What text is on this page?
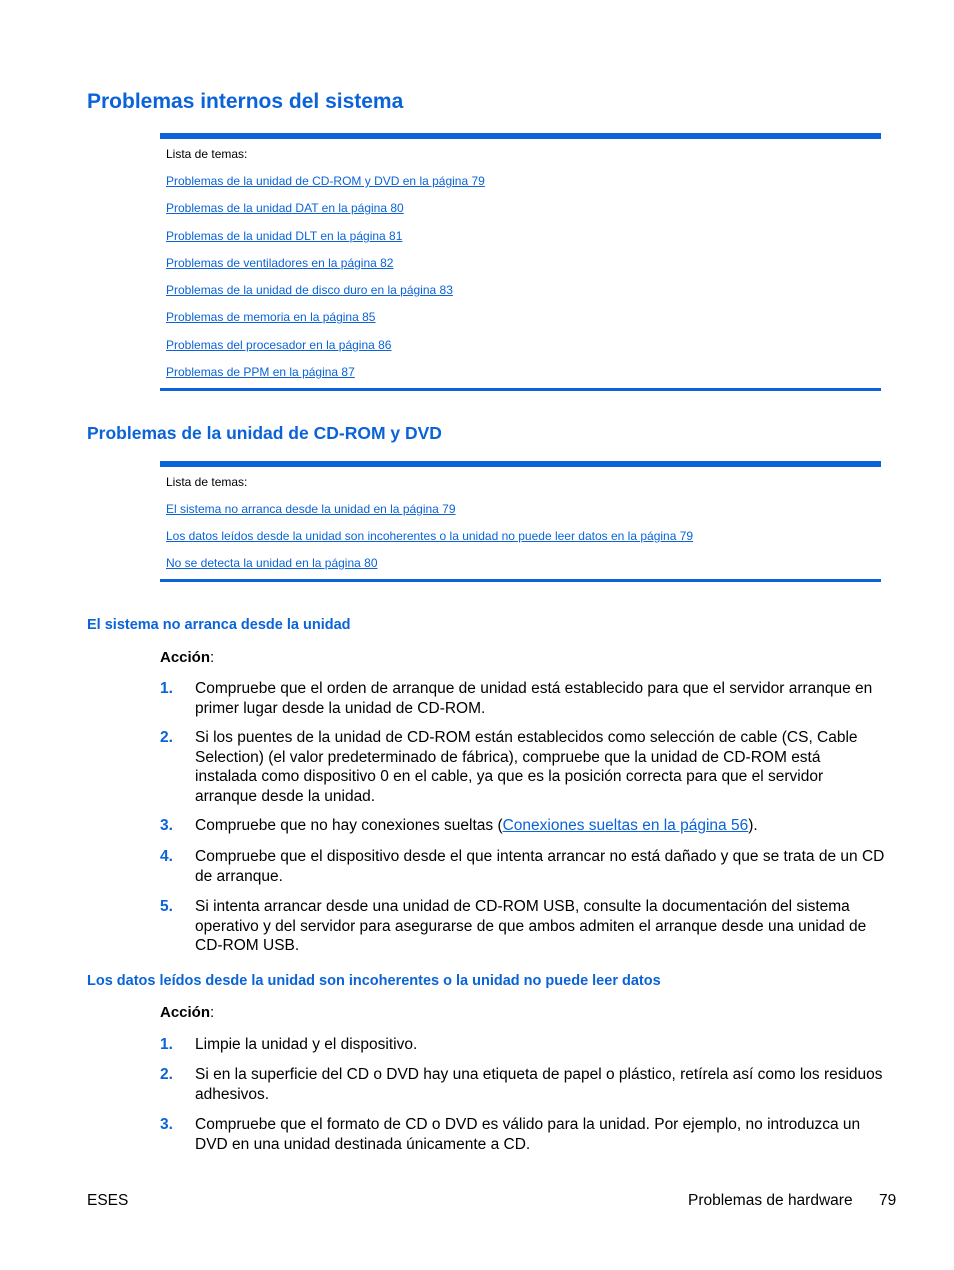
Problemas internos del sistema
Lista de temas:
Problemas de la unidad de CD-ROM y DVD en la página 79
Problemas de la unidad DAT en la página 80
Problemas de la unidad DLT en la página 81
Problemas de ventiladores en la página 82
Problemas de la unidad de disco duro en la página 83
Problemas de memoria en la página 85
Problemas del procesador en la página 86
Problemas de PPM en la página 87
Problemas de la unidad de CD-ROM y DVD
Lista de temas:
El sistema no arranca desde la unidad en la página 79
Los datos leídos desde la unidad son incoherentes o la unidad no puede leer datos en la página 79
No se detecta la unidad en la página 80
El sistema no arranca desde la unidad
Acción:
1. Compruebe que el orden de arranque de unidad está establecido para que el servidor arranque en primer lugar desde la unidad de CD-ROM.
2. Si los puentes de la unidad de CD-ROM están establecidos como selección de cable (CS, Cable Selection) (el valor predeterminado de fábrica), compruebe que la unidad de CD-ROM está instalada como dispositivo 0 en el cable, ya que es la posición correcta para que el servidor arranque desde la unidad.
3. Compruebe que no hay conexiones sueltas (Conexiones sueltas en la página 56).
4. Compruebe que el dispositivo desde el que intenta arrancar no está dañado y que se trata de un CD de arranque.
5. Si intenta arrancar desde una unidad de CD-ROM USB, consulte la documentación del sistema operativo y del servidor para asegurarse de que ambos admiten el arranque desde una unidad de CD-ROM USB.
Los datos leídos desde la unidad son incoherentes o la unidad no puede leer datos
Acción:
1. Limpie la unidad y el dispositivo.
2. Si en la superficie del CD o DVD hay una etiqueta de papel o plástico, retírela así como los residuos adhesivos.
3. Compruebe que el formato de CD o DVD es válido para la unidad. Por ejemplo, no introduzca un DVD en una unidad destinada únicamente a CD.
ESES	Problemas de hardware 79
